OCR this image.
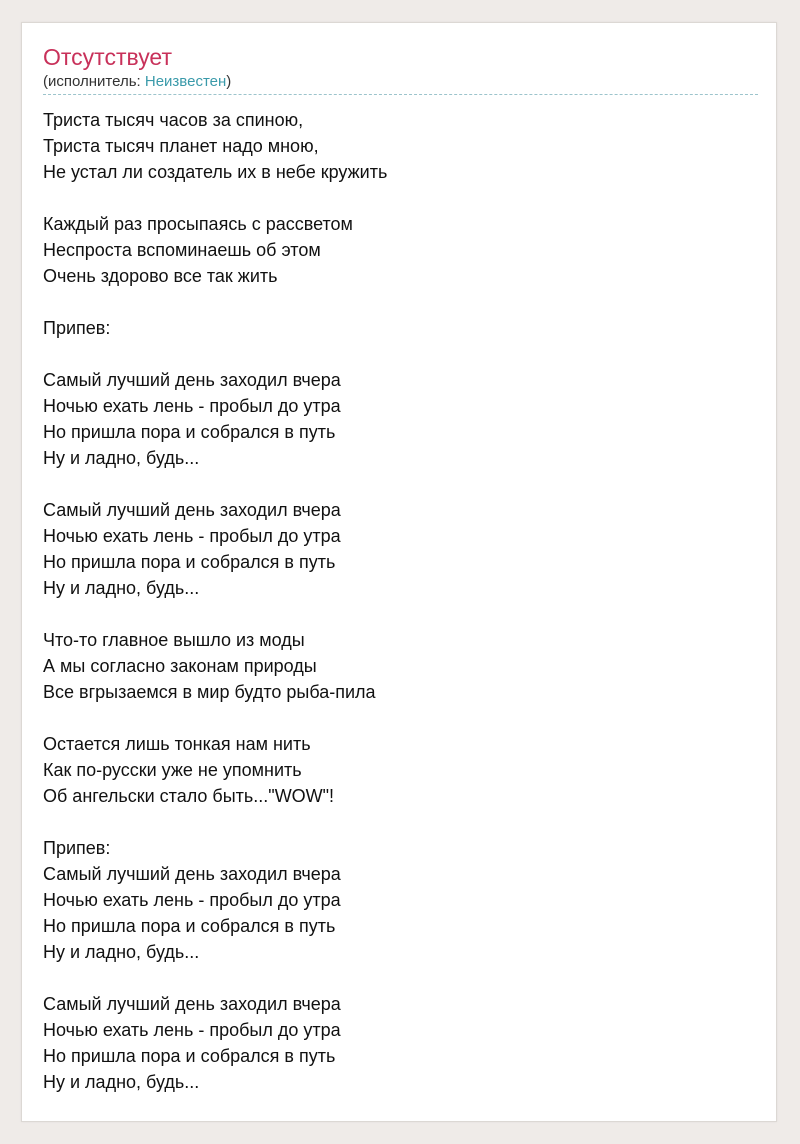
Отсутствует
(исполнитель: Неизвестен)
Триста тысяч часов за спиною,
Триста тысяч планет надо мною,
Не устал ли создатель их в небе кружить
Каждый раз просыпаясь с рассветом
Неспроста вспоминаешь об этом
Очень здорово все так жить
Припев:
Самый лучший день заходил вчера
Ночью ехать лень - пробыл до утра
Но пришла пора и собрался в путь
Ну и ладно, будь...
Самый лучший день заходил вчера
Ночью ехать лень - пробыл до утра
Но пришла пора и собрался в путь
Ну и ладно, будь...
Что-то главное вышло из моды
А мы согласно законам природы
Все вгрызаемся в мир будто рыба-пила
Остается лишь тонкая нам нить
Как по-русски уже не упомнить
Об ангельски стало быть..."WOW"!
Припев:
Самый лучший день заходил вчера
Ночью ехать лень - пробыл до утра
Но пришла пора и собрался в путь
Ну и ладно, будь...
Самый лучший день заходил вчера
Ночью ехать лень - пробыл до утра
Но пришла пора и собрался в путь
Ну и ладно, будь...
